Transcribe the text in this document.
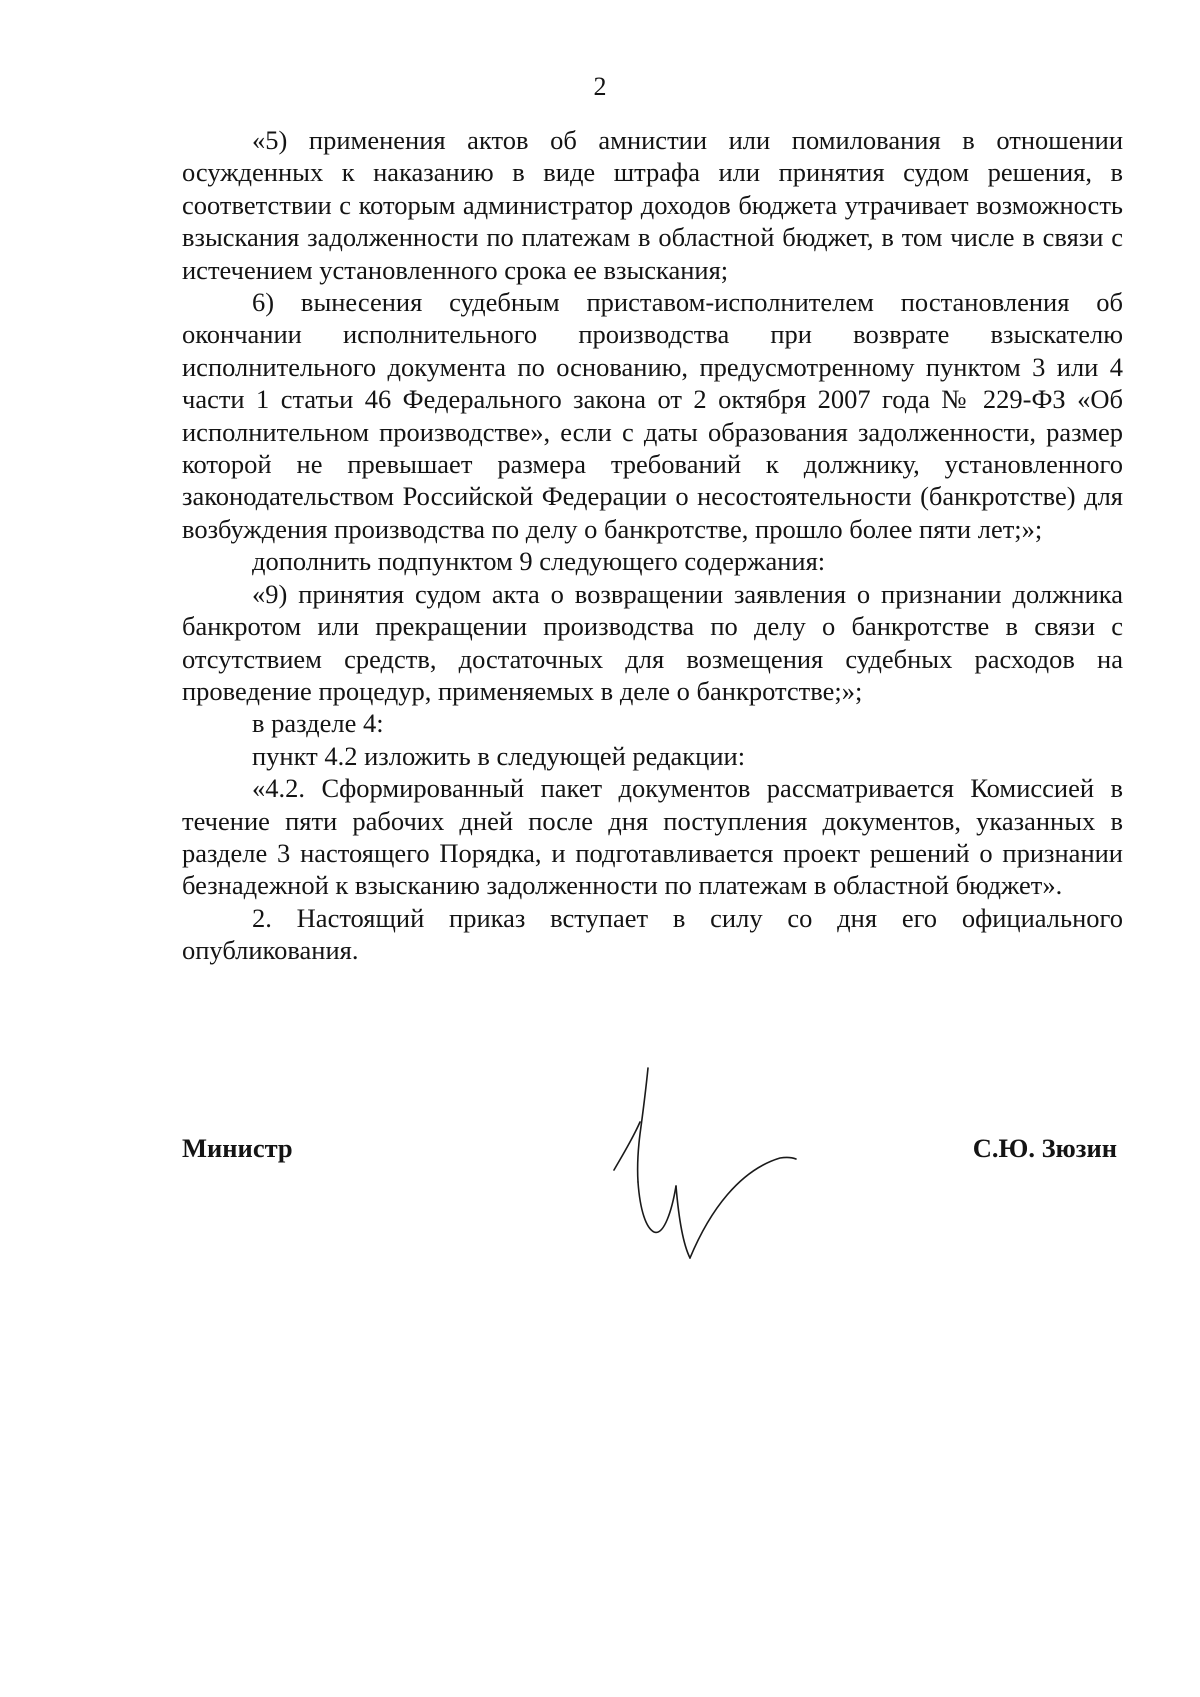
2

«5) применения актов об амнистии или помилования в отношении осужденных к наказанию в виде штрафа или принятия судом решения, в соответствии с которым администратор доходов бюджета утрачивает возможность взыскания задолженности по платежам в областной бюджет, в том числе в связи с истечением установленного срока ее взыскания;

6) вынесения судебным приставом-исполнителем постановления об окончании исполнительного производства при возврате взыскателю исполнительного документа по основанию, предусмотренному пунктом 3 или 4 части 1 статьи 46 Федерального закона от 2 октября 2007 года № 229-ФЗ «Об исполнительном производстве», если с даты образования задолженности, размер которой не превышает размера требований к должнику, установленного законодательством Российской Федерации о несостоятельности (банкротстве) для возбуждения производства по делу о банкротстве, прошло более пяти лет;»;

дополнить подпунктом 9 следующего содержания:

«9) принятия судом акта о возвращении заявления о признании должника банкротом или прекращении производства по делу о банкротстве в связи с отсутствием средств, достаточных для возмещения судебных расходов на проведение процедур, применяемых в деле о банкротстве;»;

в разделе 4:

пункт 4.2 изложить в следующей редакции:

«4.2. Сформированный пакет документов рассматривается Комиссией в течение пяти рабочих дней после дня поступления документов, указанных в разделе 3 настоящего Порядка, и подготавливается проект решений о признании безнадежной к взысканию задолженности по платежам в областной бюджет».

2. Настоящий приказ вступает в силу со дня его официального опубликования.

Министр	С.Ю. Зюзин
